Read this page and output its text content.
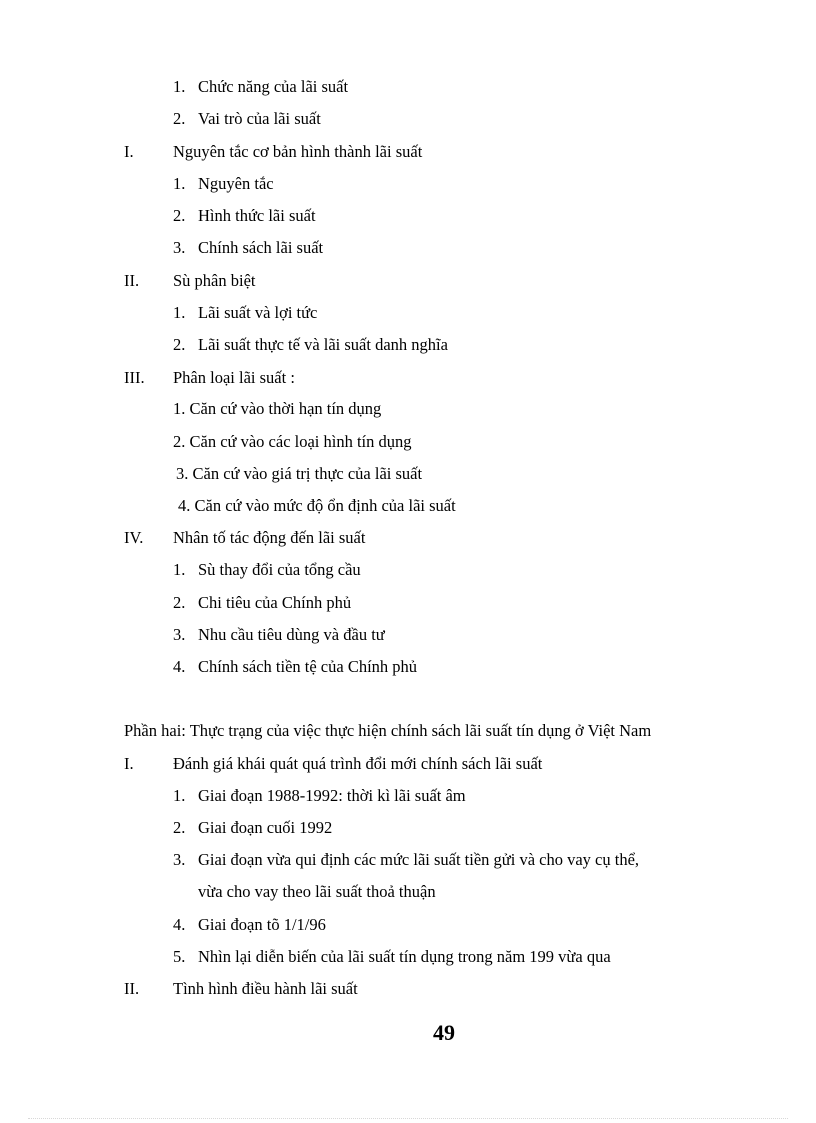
1. Chức năng của lãi suất
2. Vai trò của lãi suất
I. Nguyên tắc cơ bản hình thành lãi suất
1. Nguyên tắc
2. Hình thức lãi suất
3. Chính sách lãi suất
II. Sù phân biệt
1. Lãi suất và lợi tức
2. Lãi suất thực tế và lãi suất danh nghĩa
III. Phân loại lãi suất :
1. Căn cứ vào thời hạn tín dụng
2. Căn cứ vào các loại hình tín dụng
3. Căn cứ vào giá trị thực của lãi suất
4. Căn cứ vào mức độ ổn định của lãi suất
IV. Nhân tố tác động đến lãi suất
1. Sù thay đổi của tổng cầu
2. Chi tiêu của Chính phủ
3. Nhu cầu tiêu dùng và đầu tư
4. Chính sách tiền tệ của Chính phủ
Phần hai: Thực trạng của việc thực hiện chính sách lãi suất tín dụng ở Việt Nam
I. Đánh giá khái quát quá trình đổi mới chính sách lãi suất
1. Giai đoạn 1988-1992: thời kì lãi suất âm
2. Giai đoạn cuối 1992
3. Giai đoạn vừa qui định các mức lãi suất tiền gửi và cho vay cụ thể,
vừa cho vay theo lãi suất thoả thuận
4. Giai đoạn tõ 1/1/96
5. Nhìn lại diễn biến của lãi suất tín dụng trong năm 199 vừa qua
II. Tình hình điều hành lãi suất
49
